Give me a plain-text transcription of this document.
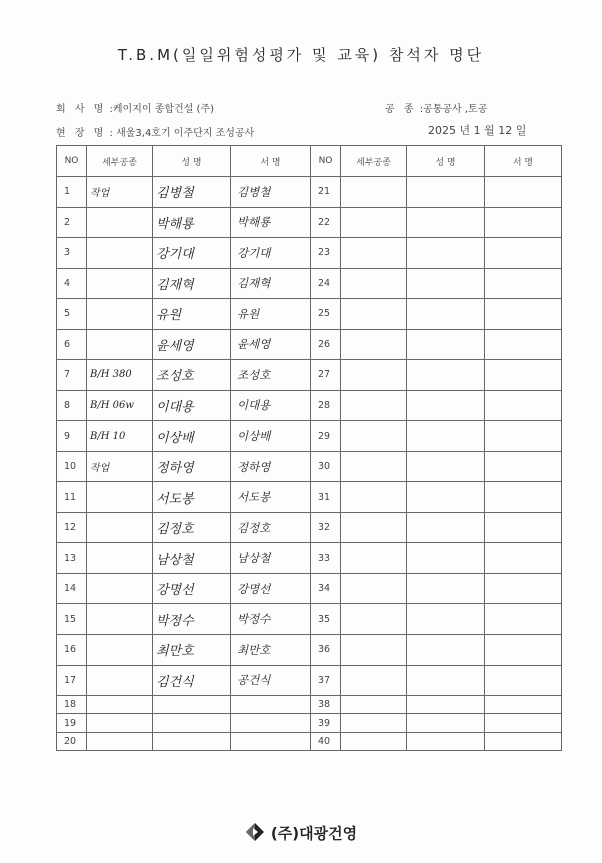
T.B.M(일일위험성평가 및 교육) 참석자 명단
회 사 명 :케이지이 종합건설 (주)	공 종 :공통공사 ,토공
현 장 명 : 새울3,4호기 이주단지 조성공사	2025 년 1 월 12 일
NO	세부공종	성 명	서 명	NO	세부공종	성 명	서 명
1	작업	김병철	김병철	21			
2		박해룡	박해룡	22			
3		강기대	강기대	23			
4		김재혁	김재혁	24			
5		유원	유원	25			
6		윤세영	윤세영	26			
7	B/H 380	조성호	조성호	27			
8	B/H 06w	이대용	이대용	28			
9	B/H 10	이상배	이상배	29			
10	작업	정하영	정하영	30			
11		서도봉	서도봉	31			
12		김정호	김정호	32			
13		남상철	남상철	33			
14		강명선	강명선	34			
15		박정수	박정수	35			
16		최만호	최만호	36			
17		김건식	공건식	37			
18				38			
19				39			
20				40			
(주)대광건영
